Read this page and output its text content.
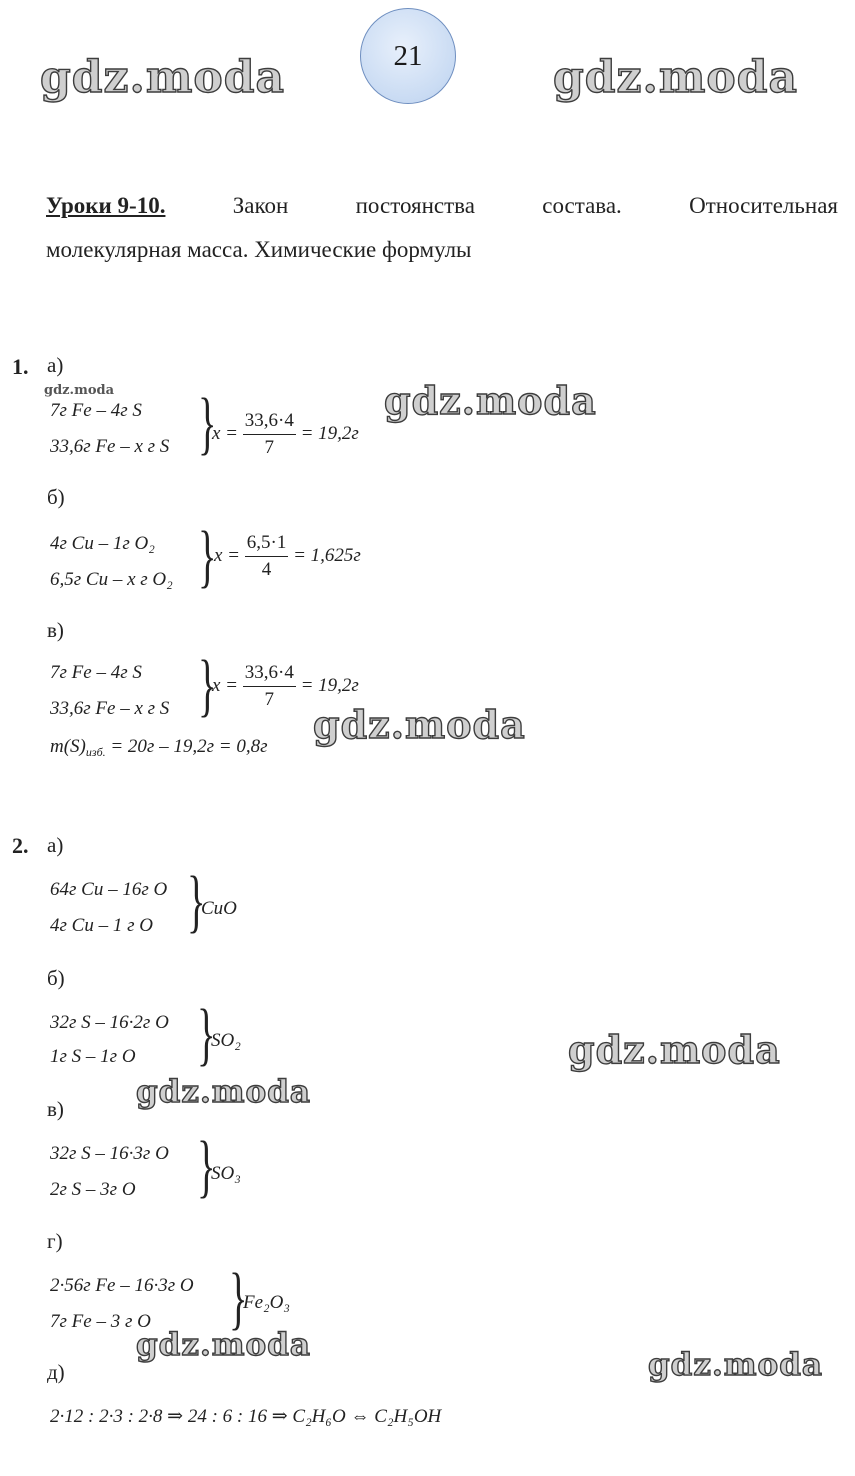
21
gdz.moda	gdz.moda
gdz.moda	gdz.moda
gdz.moda
gdz.moda
gdz.moda
gdz.moda
gdz.moda
Уроки 9-10.	Закон	постоянства	состава.	Относительная
молекулярная масса. Химические формулы
1. а)
7г Fe – 4г S
33,6г Fe – х г S }
$x = \frac{33,6\cdot 4}{7} = 19,2г$
б)
4г Cu – 1г O₂
6,5г Cu – х г O₂ }
$x = \frac{6,5\cdot 1}{4} = 1,625г$
в)
7г Fe – 4г S
33,6г Fe – х г S }
$x = \frac{33,6\cdot 4}{7} = 19,2г$
$m(S)_{изб.} = 20г - 19,2г = 0,8г$
2. а)
64г Cu – 16г O
4г Cu – 1 г O }
CuO
б)
32г S – 16·2г O
1г S – 1г O }
SO₂
в)
32г S – 16·3г O
2г S – 3г O }
SO₃
г)
2·56г Fe – 16·3г O
7г Fe – 3 г O }
Fe₂O₃
д)
2·12 : 2·3 : 2·8 ⇒ 24 : 6 : 16 ⇒ C₂H₆O ⇔ C₂H₅OH
